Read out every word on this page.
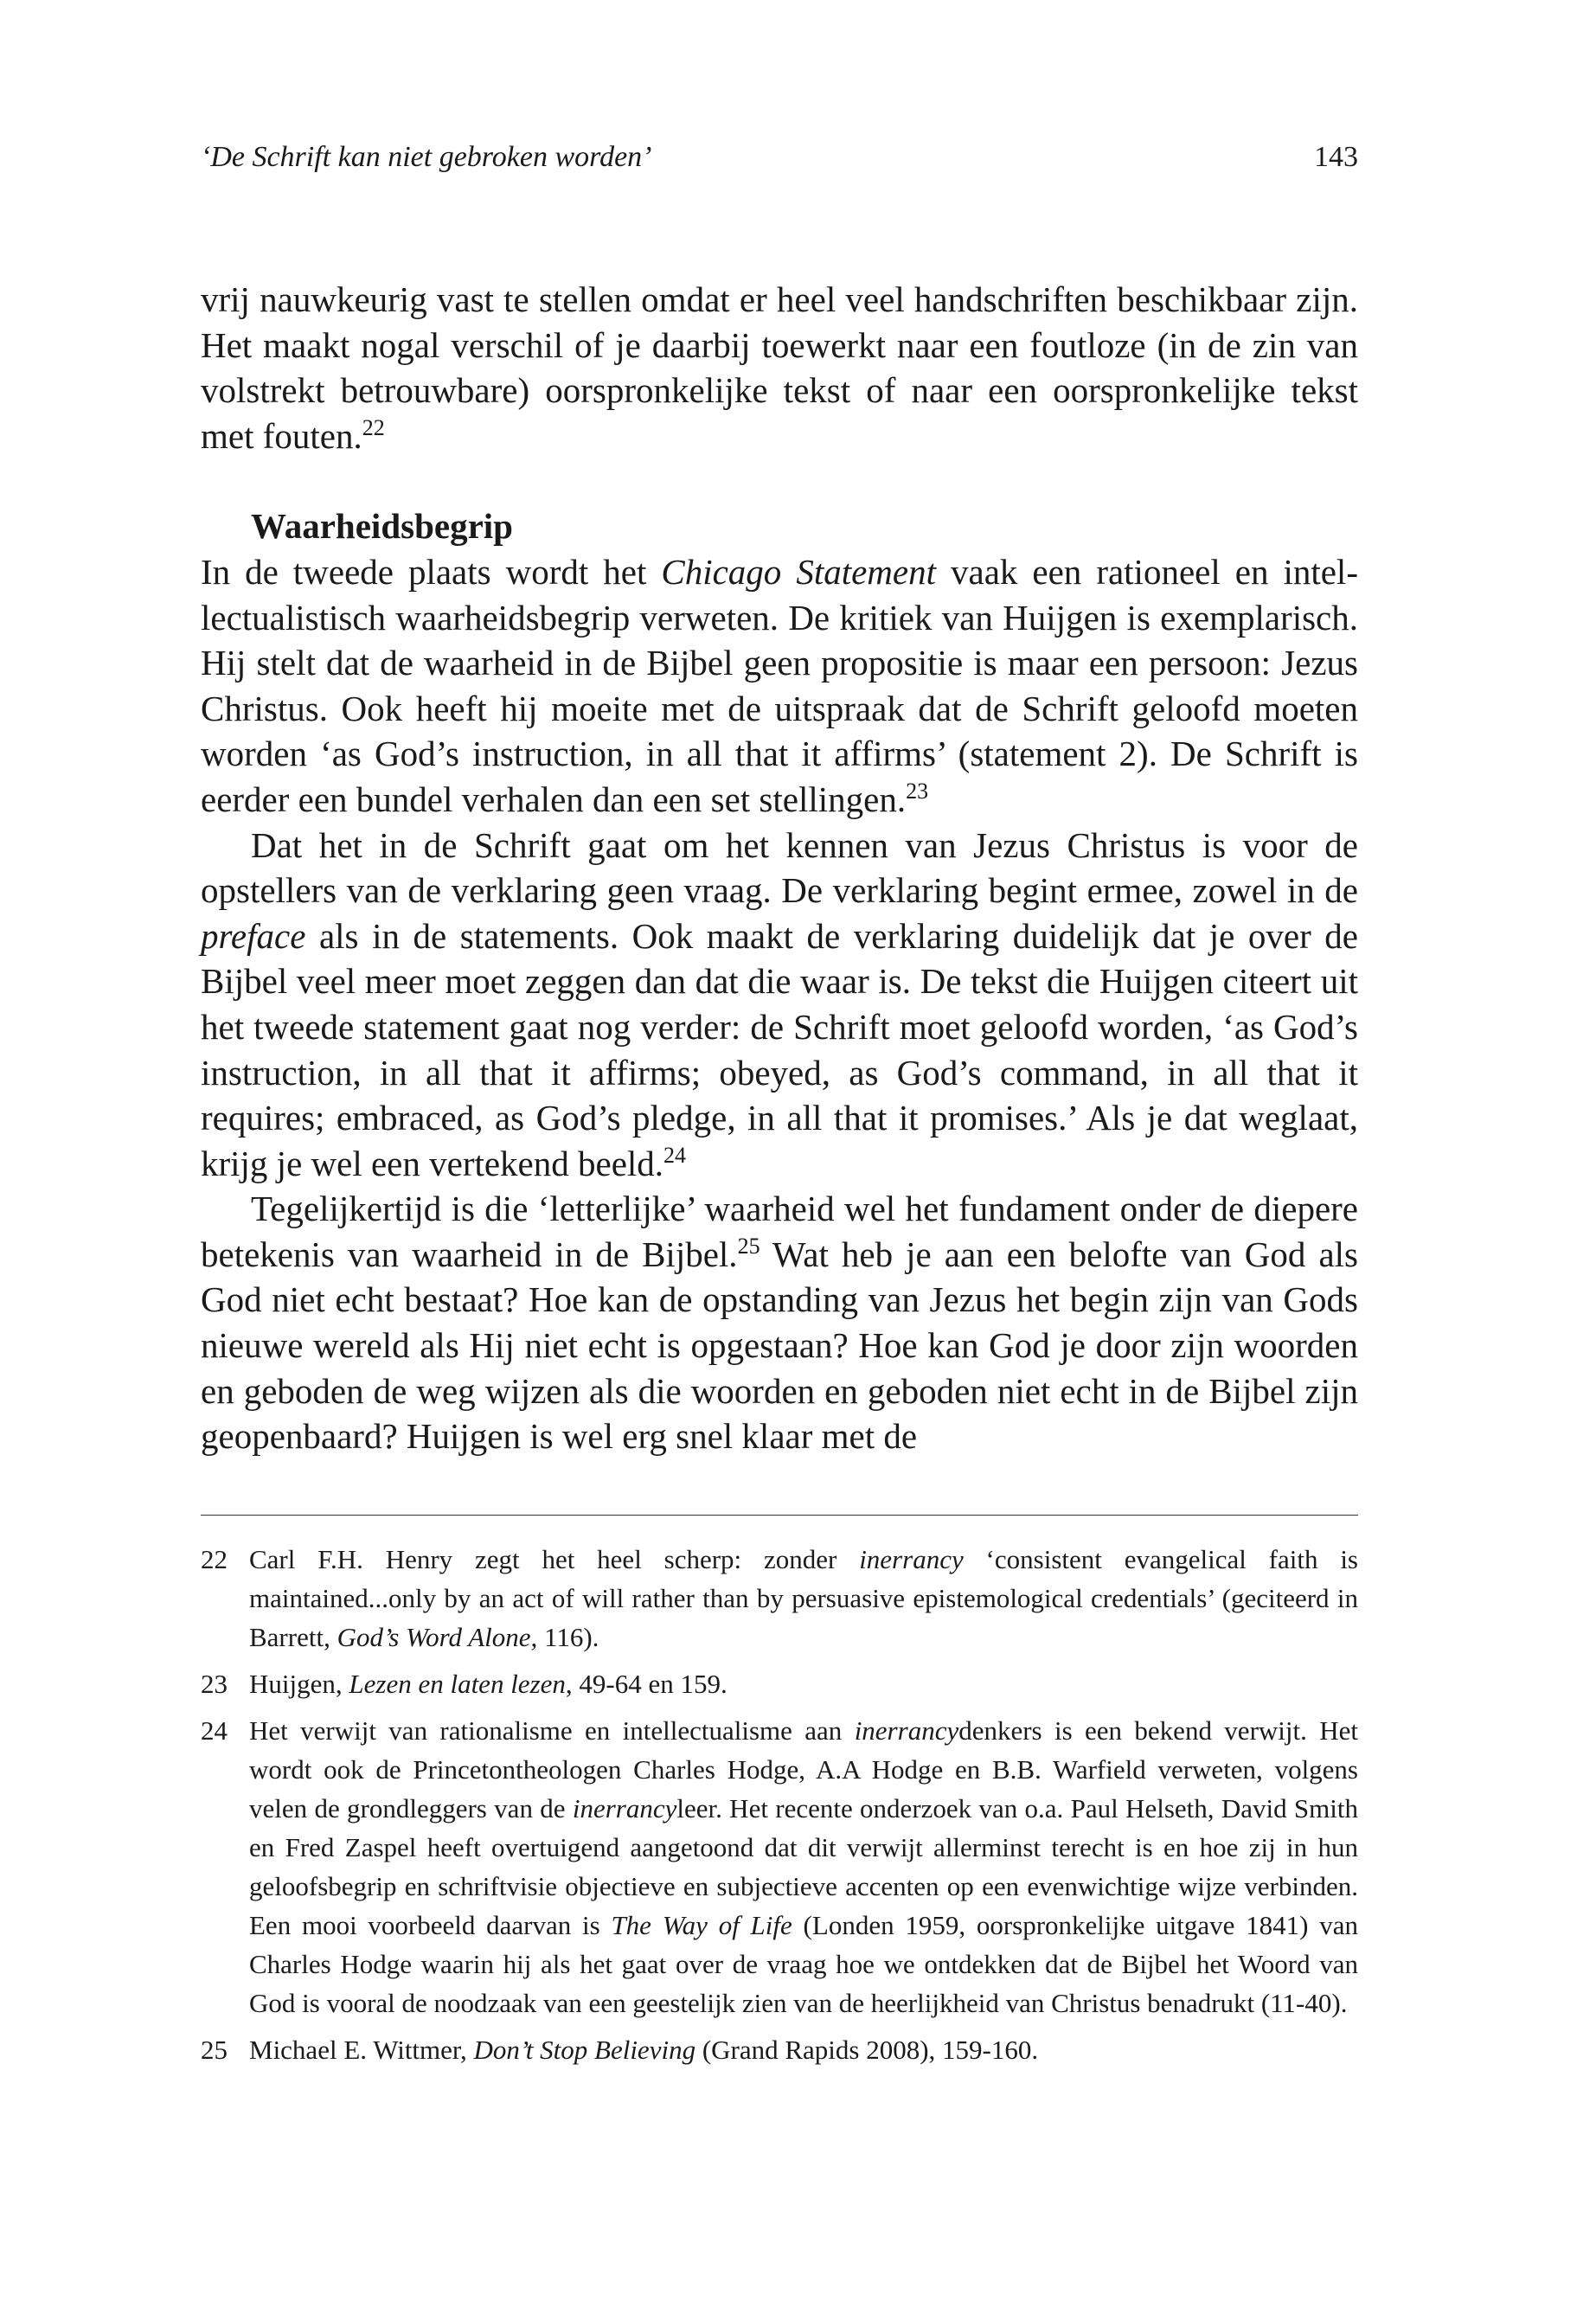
‘De Schrift kan niet gebroken worden’	143

vrij nauwkeurig vast te stellen omdat er heel veel handschriften beschikbaar zijn. Het maakt nogal verschil of je daarbij toewerkt naar een foutloze (in de zin van volstrekt betrouwbare) oorspronkelijke tekst of naar een oorspronkelijke tekst met fouten.$^{22}$

Waarheidsbegrip

In de tweede plaats wordt het Chicago Statement vaak een rationeel en intellectualistisch waarheidsbegrip verweten. De kritiek van Huijgen is exemplarisch. Hij stelt dat de waarheid in de Bijbel geen propositie is maar een persoon: Jezus Christus. Ook heeft hij moeite met de uitspraak dat de Schrift geloofd moeten worden ‘as God’s instruction, in all that it affirms’ (statement 2). De Schrift is eerder een bundel verhalen dan een set stellingen.$^{23}$

Dat het in de Schrift gaat om het kennen van Jezus Christus is voor de opstellers van de verklaring geen vraag. De verklaring begint ermee, zowel in de preface als in de statements. Ook maakt de verklaring duidelijk dat je over de Bijbel veel meer moet zeggen dan dat die waar is. De tekst die Huijgen citeert uit het tweede statement gaat nog verder: de Schrift moet geloofd worden, ‘as God’s instruction, in all that it affirms; obeyed, as God’s command, in all that it requires; embraced, as God’s pledge, in all that it promises.’ Als je dat weglaat, krijg je wel een vertekend beeld.$^{24}$

Tegelijkertijd is die ‘letterlijke’ waarheid wel het fundament onder de diepere betekenis van waarheid in de Bijbel.$^{25}$ Wat heb je aan een belofte van God als God niet echt bestaat? Hoe kan de opstanding van Jezus het begin zijn van Gods nieuwe wereld als Hij niet echt is opgestaan? Hoe kan God je door zijn woorden en geboden de weg wijzen als die woorden en geboden niet echt in de Bijbel zijn geopenbaard? Huijgen is wel erg snel klaar met de

22 Carl F.H. Henry zegt het heel scherp: zonder inerrancy ‘consistent evangelical faith is maintained...only by an act of will rather than by persuasive epistemological credentials’ (geciteerd in Barrett, God’s Word Alone, 116).
23 Huijgen, Lezen en laten lezen, 49-64 en 159.
24 Het verwijt van rationalisme en intellectualisme aan inerrancydenkers is een bekend verwijt. Het wordt ook de Princetontheologen Charles Hodge, A.A Hodge en B.B. Warfield verweten, volgens velen de grondleggers van de inerrancyleer. Het recente onderzoek van o.a. Paul Helseth, David Smith en Fred Zaspel heeft overtuigend aangetoond dat dit verwijt allerminst terecht is en hoe zij in hun geloofsbegrip en schriftvisie objectieve en subjectieve accenten op een evenwichtige wijze verbinden. Een mooi voorbeeld daarvan is The Way of Life (Londen 1959, oorspronkelijke uitgave 1841) van Charles Hodge waarin hij als het gaat over de vraag hoe we ontdekken dat de Bijbel het Woord van God is vooral de noodzaak van een geestelijk zien van de heerlijkheid van Christus benadrukt (11-40).
25 Michael E. Wittmer, Don’t Stop Believing (Grand Rapids 2008), 159-160.
